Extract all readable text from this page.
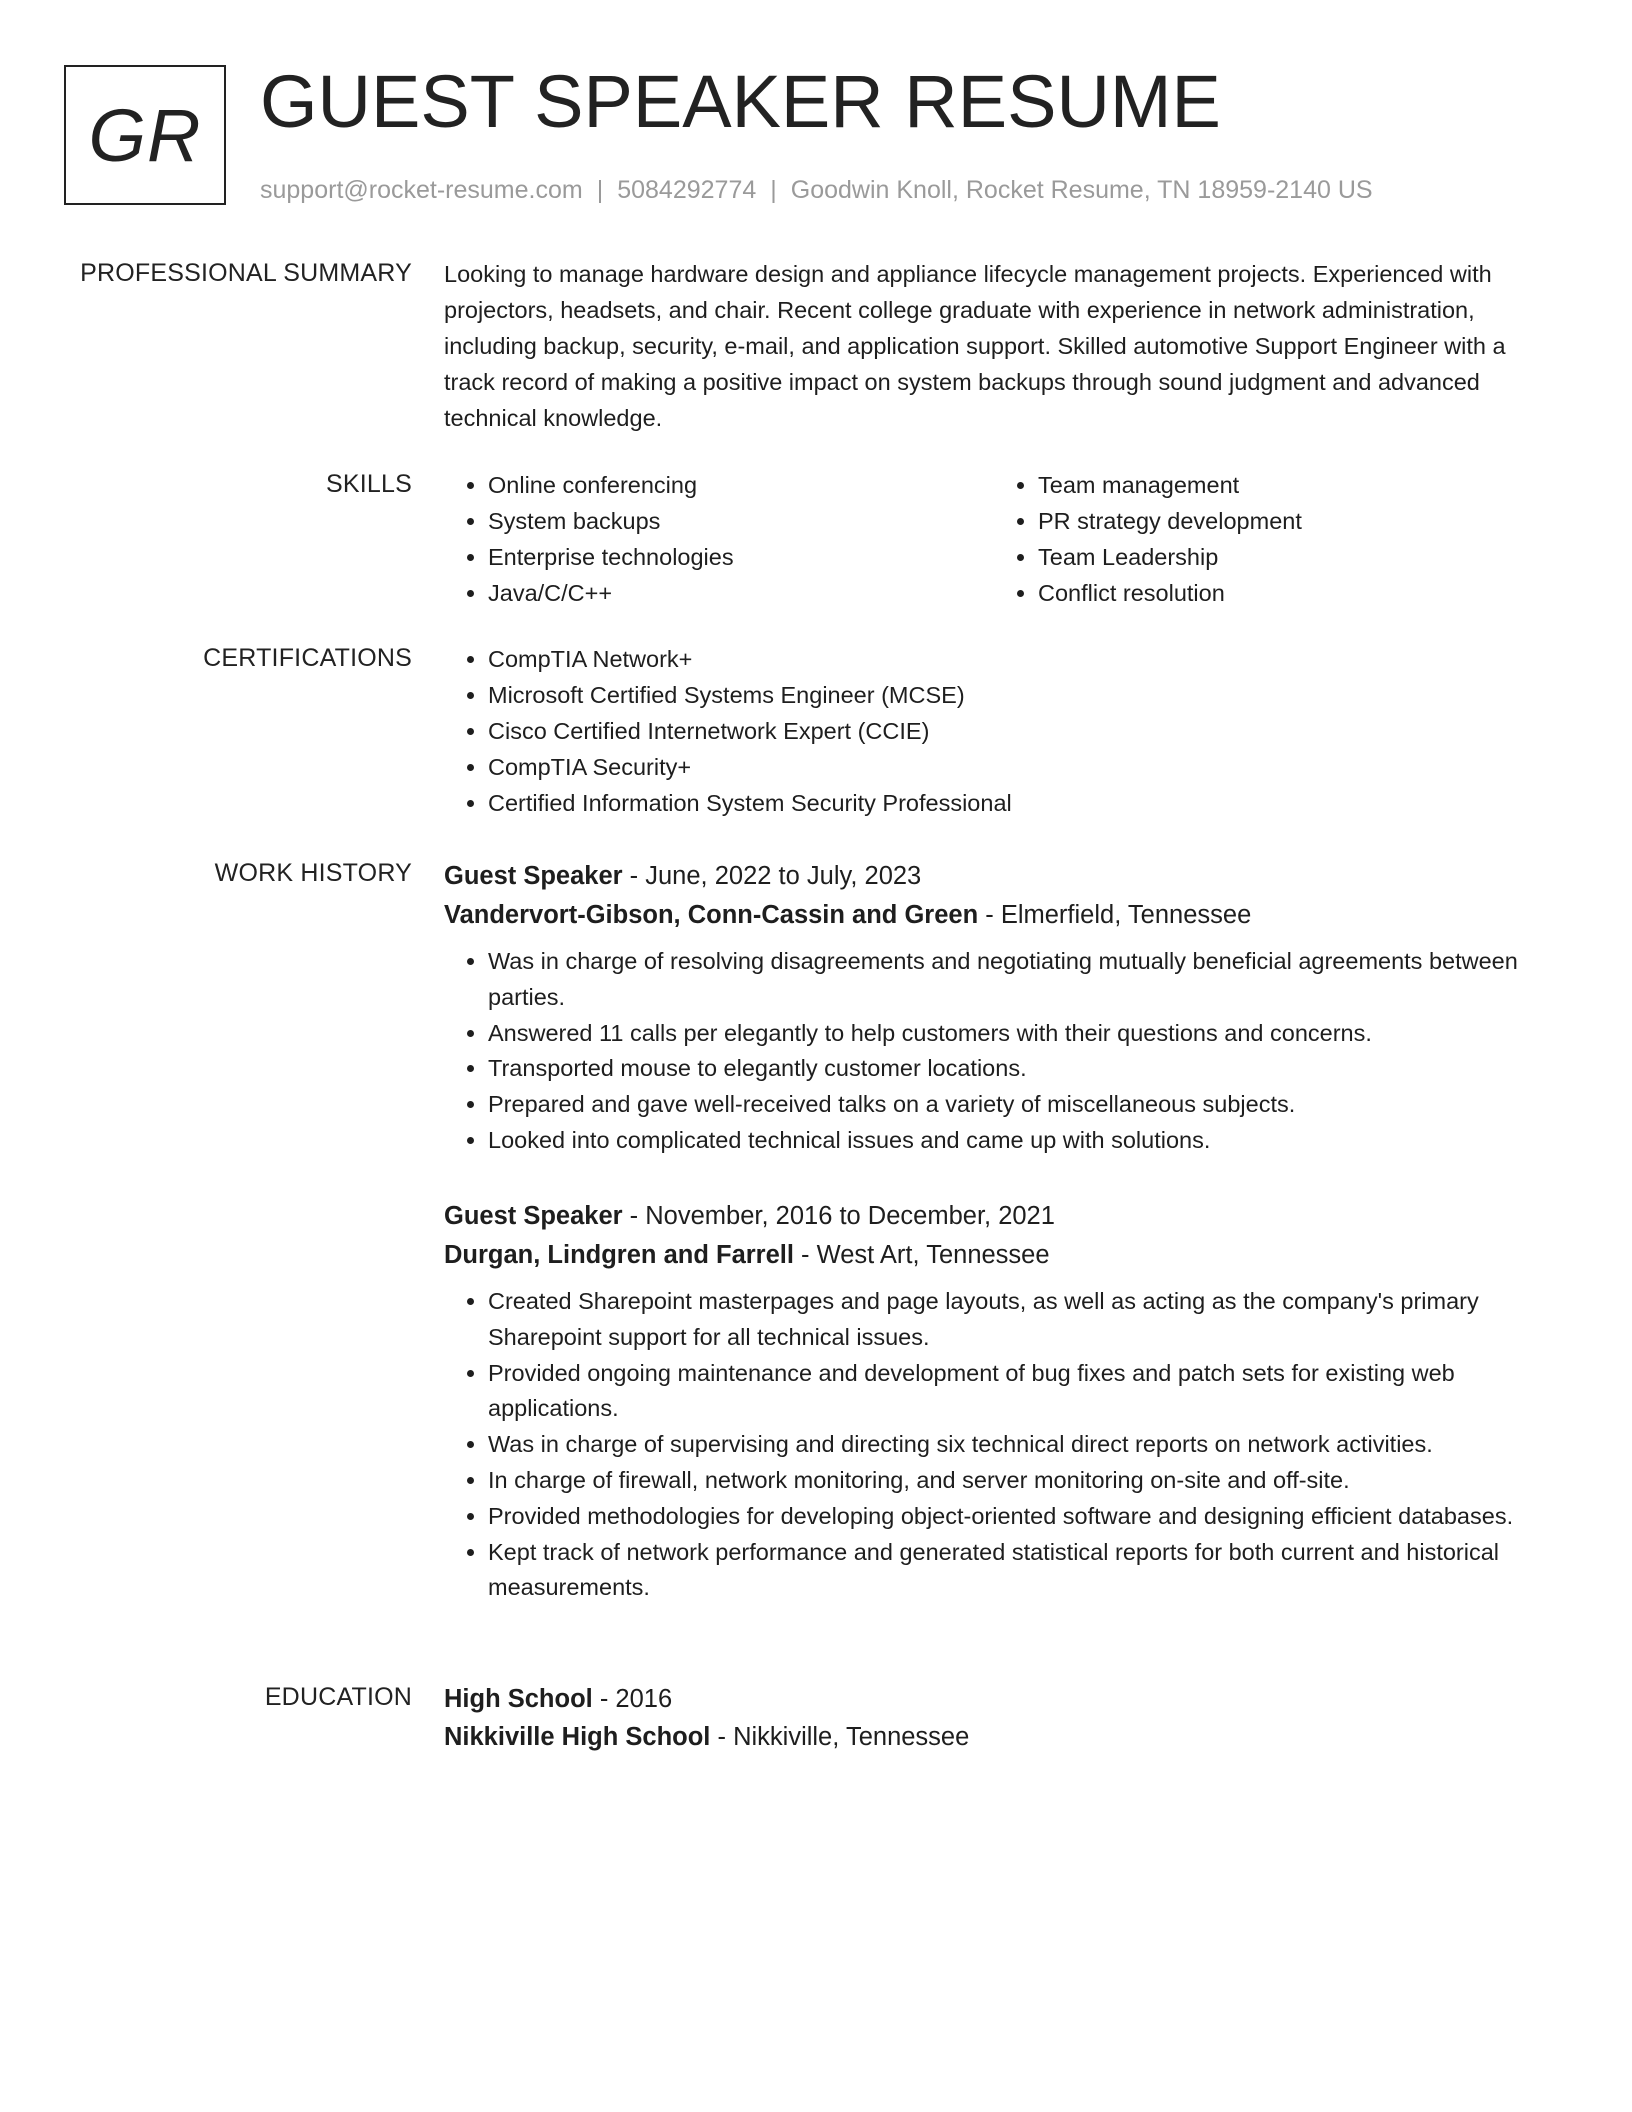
GR GUEST SPEAKER RESUME
support@rocket-resume.com | 5084292774 | Goodwin Knoll, Rocket Resume, TN 18959-2140 US
PROFESSIONAL SUMMARY Looking to manage hardware design and appliance lifecycle management projects. Experienced with projectors, headsets, and chair. Recent college graduate with experience in network administration, including backup, security, e-mail, and application support. Skilled automotive Support Engineer with a track record of making a positive impact on system backups through sound judgment and advanced technical knowledge.

SKILLS	• Online conferencing
• System backups
• Enterprise technologies
• Java/C/C++
• Team management
• PR strategy development
• Team Leadership
• Conflict resolution
CERTIFICATIONS	• CompTIA Network+
• Microsoft Certified Systems Engineer (MCSE)
• Cisco Certified Internetwork Expert (CCIE)
• CompTIA Security+
• Certified Information System Security Professional
WORK HISTORY Guest Speaker - June, 2022 to July, 2023
Vandervort-Gibson, Conn-Cassin and Green - Elmerfield, Tennessee
• Was in charge of resolving disagreements and negotiating mutually beneficial agreements between parties.
• Answered 11 calls per elegantly to help customers with their questions and concerns.
• Transported mouse to elegantly customer locations.
• Prepared and gave well-received talks on a variety of miscellaneous subjects.
• Looked into complicated technical issues and came up with solutions.
Guest Speaker - November, 2016 to December, 2021
Durgan, Lindgren and Farrell - West Art, Tennessee
• Created Sharepoint masterpages and page layouts, as well as acting as the company's primary Sharepoint support for all technical issues.
• Provided ongoing maintenance and development of bug fixes and patch sets for existing web applications.
• Was in charge of supervising and directing six technical direct reports on network activities.
• In charge of firewall, network monitoring, and server monitoring on-site and off-site.
• Provided methodologies for developing object-oriented software and designing efficient databases.
• Kept track of network performance and generated statistical reports for both current and historical measurements.
EDUCATION High School - 2016
Nikkiville High School - Nikkiville, Tennessee
